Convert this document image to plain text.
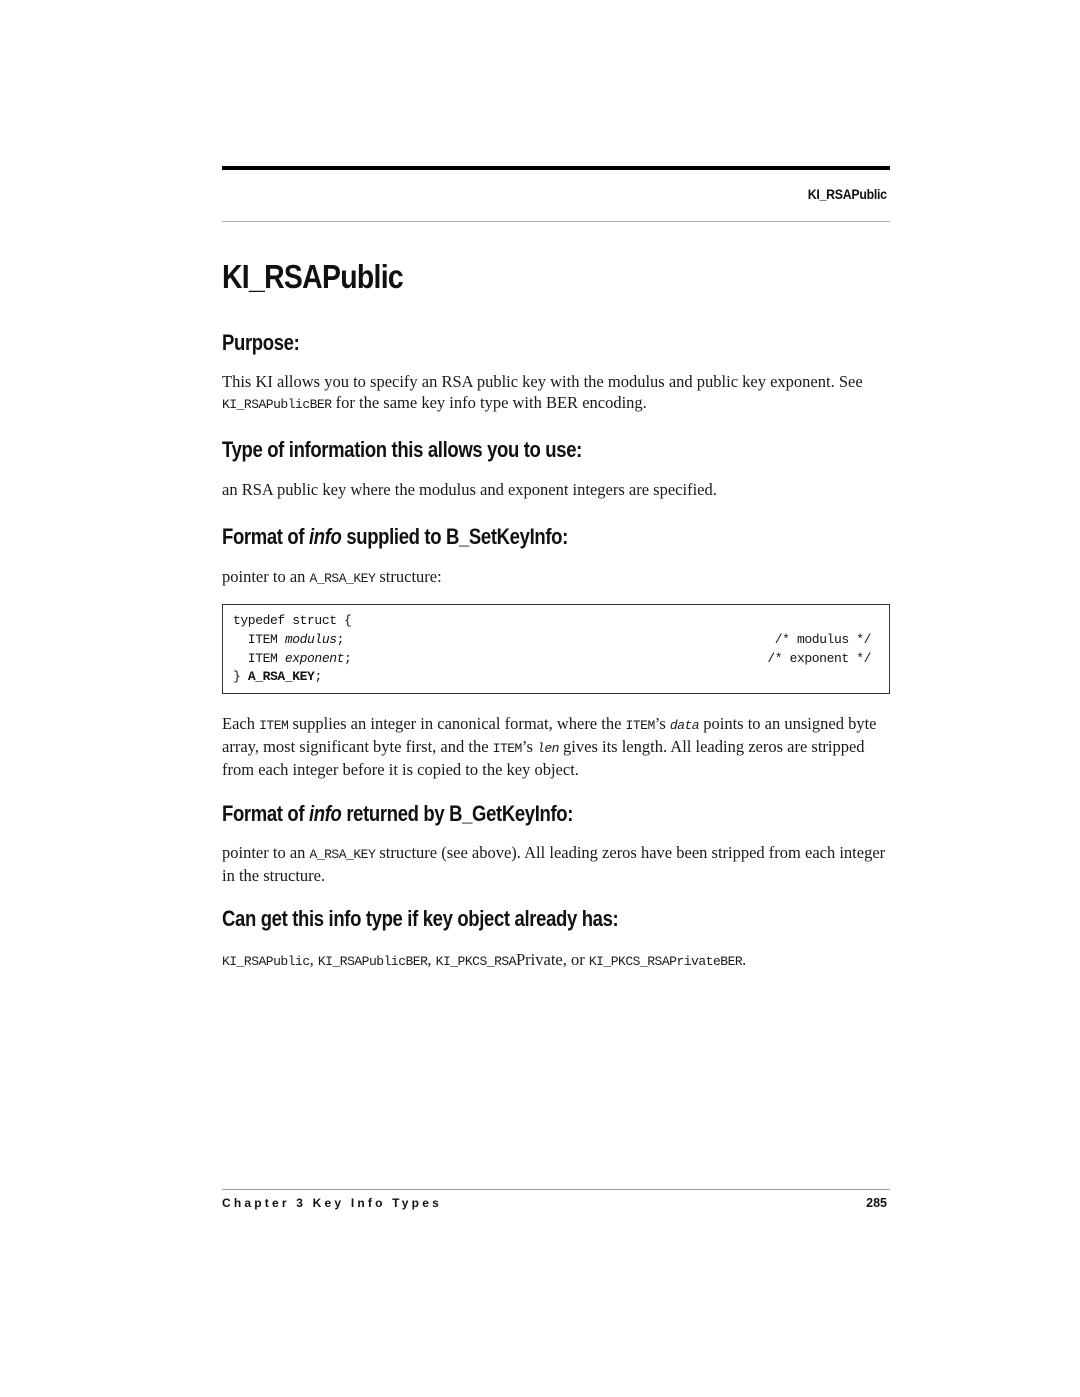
KI_RSAPublic
KI_RSAPublic
Purpose:

This KI allows you to specify an RSA public key with the modulus and public key exponent. See KI_RSAPublicBER for the same key info type with BER encoding.

Type of information this allows you to use:

an RSA public key where the modulus and exponent integers are specified.

Format of info supplied to B_SetKeyInfo:

pointer to an A_RSA_KEY structure:

typedef struct {
ITEM modulus;	/* modulus */
ITEM exponent;	/* exponent */
} A_RSA_KEY;

Each ITEM supplies an integer in canonical format, where the ITEM’s data points to an unsigned byte array, most significant byte first, and the ITEM’s len gives its length. All leading zeros are stripped from each integer before it is copied to the key object.

Format of info returned by B_GetKeyInfo:

pointer to an A_RSA_KEY structure (see above). All leading zeros have been stripped from each integer in the structure.

Can get this info type if key object already has:

KI_RSAPublic, KI_RSAPublicBER, KI_PKCS_RSAPrivate, or KI_PKCS_RSAPrivateBER.

Chapter 3 Key Info Types	285
